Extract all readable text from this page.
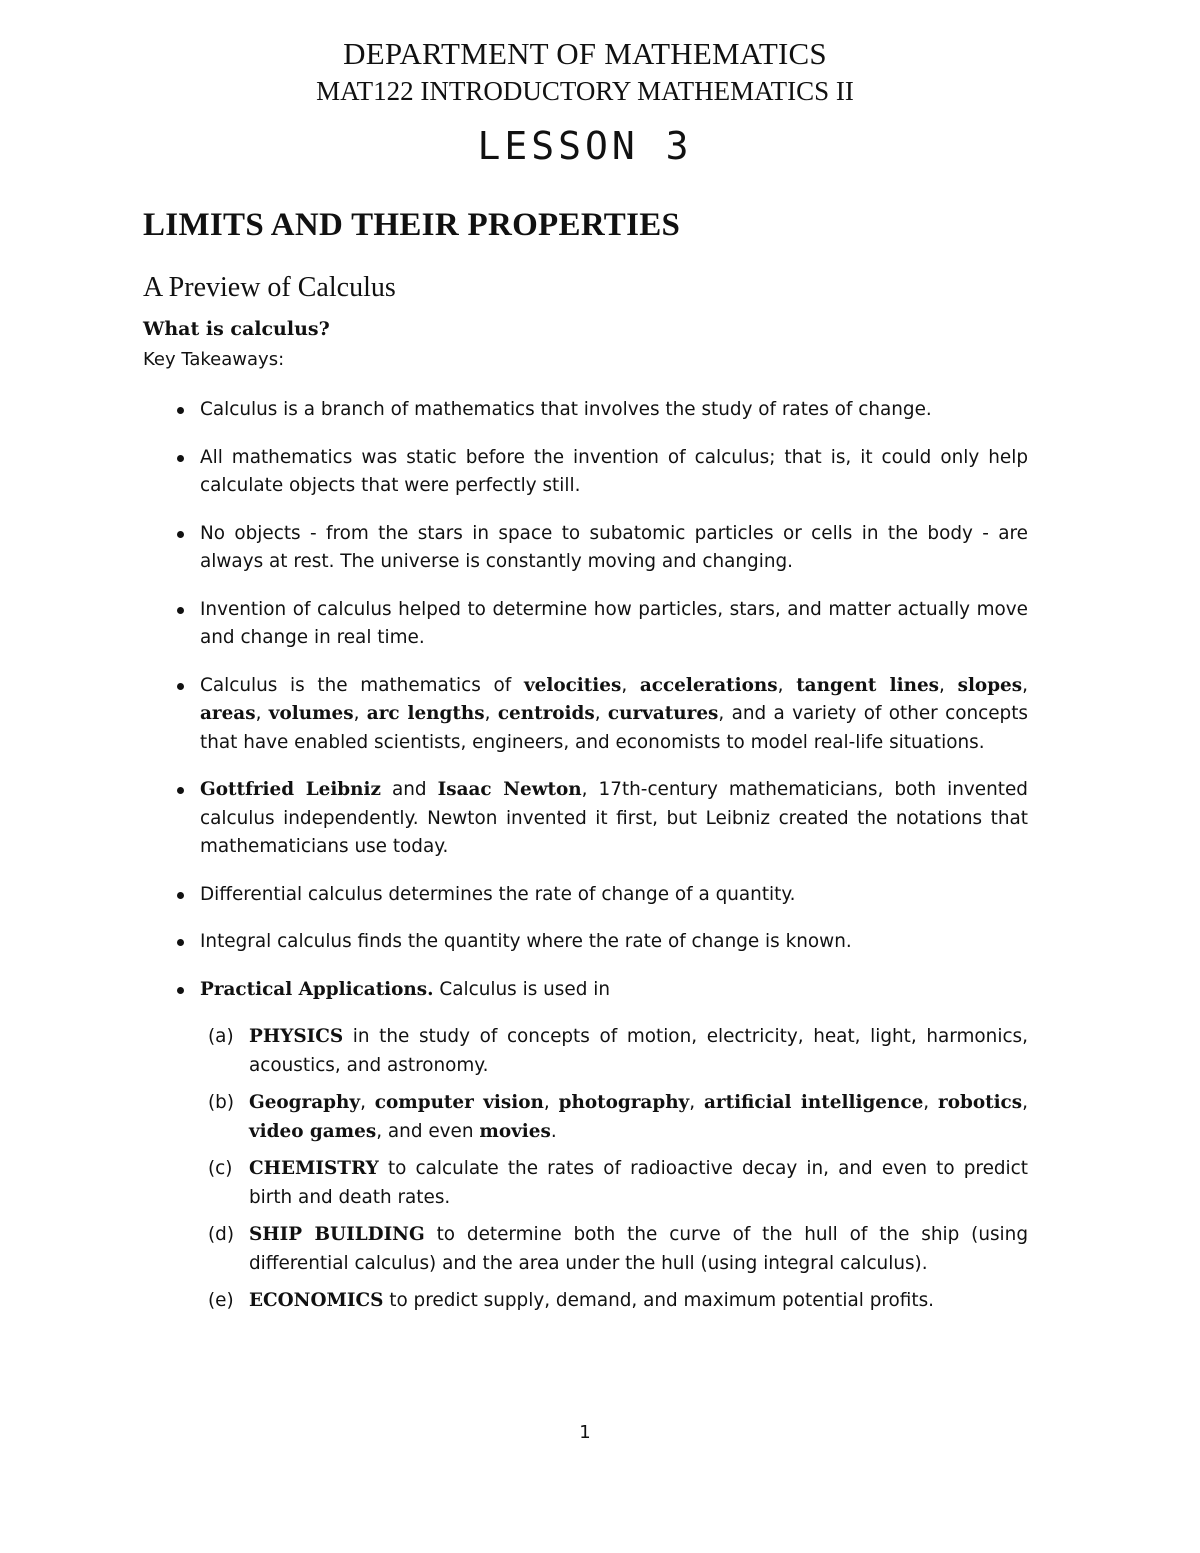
DEPARTMENT OF MATHEMATICS
MAT122 INTRODUCTORY MATHEMATICS II
LESSON 3
LIMITS AND THEIR PROPERTIES
A Preview of Calculus
What is calculus?
Key Takeaways:
Calculus is a branch of mathematics that involves the study of rates of change.
All mathematics was static before the invention of calculus; that is, it could only help calculate objects that were perfectly still.
No objects - from the stars in space to subatomic particles or cells in the body - are always at rest. The universe is constantly moving and changing.
Invention of calculus helped to determine how particles, stars, and matter actually move and change in real time.
Calculus is the mathematics of velocities, accelerations, tangent lines, slopes, areas, volumes, arc lengths, centroids, curvatures, and a variety of other concepts that have enabled scientists, engineers, and economists to model real-life situations.
Gottfried Leibniz and Isaac Newton, 17th-century mathematicians, both invented calculus independently. Newton invented it first, but Leibniz created the notations that mathematicians use today.
Differential calculus determines the rate of change of a quantity.
Integral calculus finds the quantity where the rate of change is known.
Practical Applications. Calculus is used in
(a) PHYSICS in the study of concepts of motion, electricity, heat, light, harmonics, acoustics, and astronomy.
(b) Geography, computer vision, photography, artificial intelligence, robotics, video games, and even movies.
(c) CHEMISTRY to calculate the rates of radioactive decay in, and even to predict birth and death rates.
(d) SHIP BUILDING to determine both the curve of the hull of the ship (using differential calculus) and the area under the hull (using integral calculus).
(e) ECONOMICS to predict supply, demand, and maximum potential profits.
1
